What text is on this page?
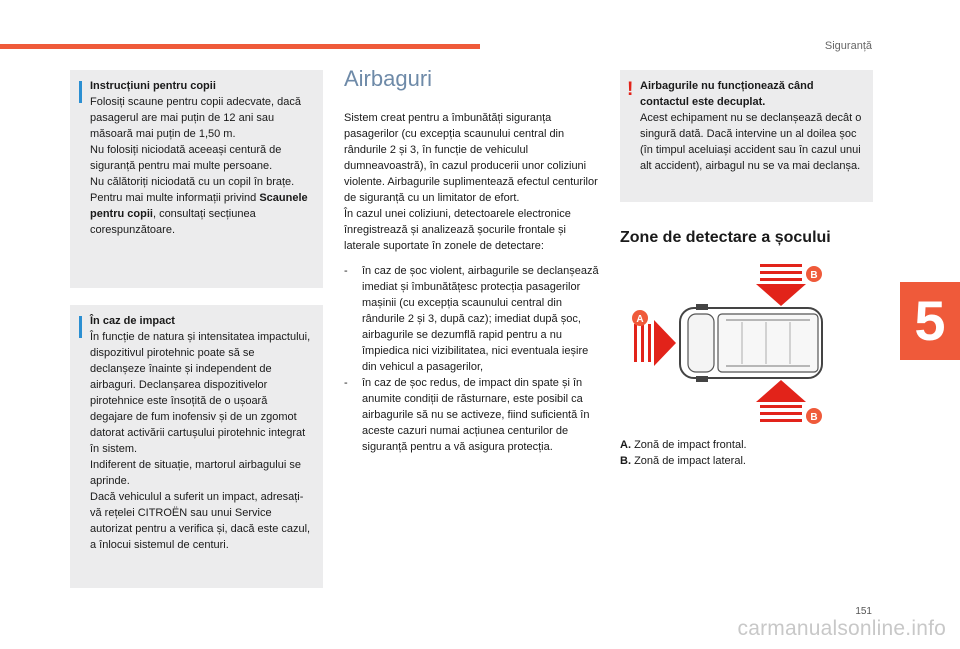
Siguranță
5

Instrucțiuni pentru copii

Folosiți scaune pentru copii adecvate, dacă pasagerul are mai puțin de 12 ani sau măsoară mai puțin de 1,50 m.

Nu folosiți niciodată aceeași centură de siguranță pentru mai multe persoane.

Nu călătoriți niciodată cu un copil în brațe.

Pentru mai multe informații privind Scaunele pentru copii, consultați secțiunea corespunzătoare.

În caz de impact

În funcție de natura și intensitatea impactului, dispozitivul pirotehnic poate să se declanșeze înainte și independent de airbaguri. Declanșarea dispozitivelor pirotehnice este însoțită de o ușoară degajare de fum inofensiv și de un zgomot datorat activării cartușului pirotehnic integrat în sistem.

Indiferent de situație, martorul airbagului se aprinde.

Dacă vehiculul a suferit un impact, adresați-vă rețelei CITROËN sau unui Service autorizat pentru a verifica și, dacă este cazul, a înlocui sistemul de centuri.

Airbaguri

Sistem creat pentru a îmbunătăți siguranța pasagerilor (cu excepția scaunului central din rândurile 2 și 3, în funcție de vehiculul dumneavoastră), în cazul producerii unor coliziuni violente. Airbagurile suplimentează efectul centurilor de siguranță cu un limitator de efort.
În cazul unei coliziuni, detectoarele electronice înregistrează și analizează șocurile frontale și laterale suportate în zonele de detectare:

- în caz de șoc violent, airbagurile se declanșează imediat și îmbunătățesc protecția pasagerilor mașinii (cu excepția scaunului central din rândurile 2 și 3, după caz); imediat după șoc, airbagurile se dezumflă rapid pentru a nu împiedica nici vizibilitatea, nici eventuala ieșire din vehicul a pasagerilor,

- în caz de șoc redus, de impact din spate și în anumite condiții de răsturnare, este posibil ca airbagurile să nu se activeze, fiind suficientă în aceste cazuri numai acțiunea centurilor de siguranță pentru a vă asigura protecția.

! Airbagurile nu funcționează când contactul este decuplat.

Acest echipament nu se declanșează decât o singură dată. Dacă intervine un al doilea șoc (în timpul aceluiași accident sau în cazul unui alt accident), airbagul nu se va mai declanșa.

Zone de detectare a șocului
B
A
B

A. Zonă de impact frontal.

B. Zonă de impact lateral.

151
carmanualsonline.info
